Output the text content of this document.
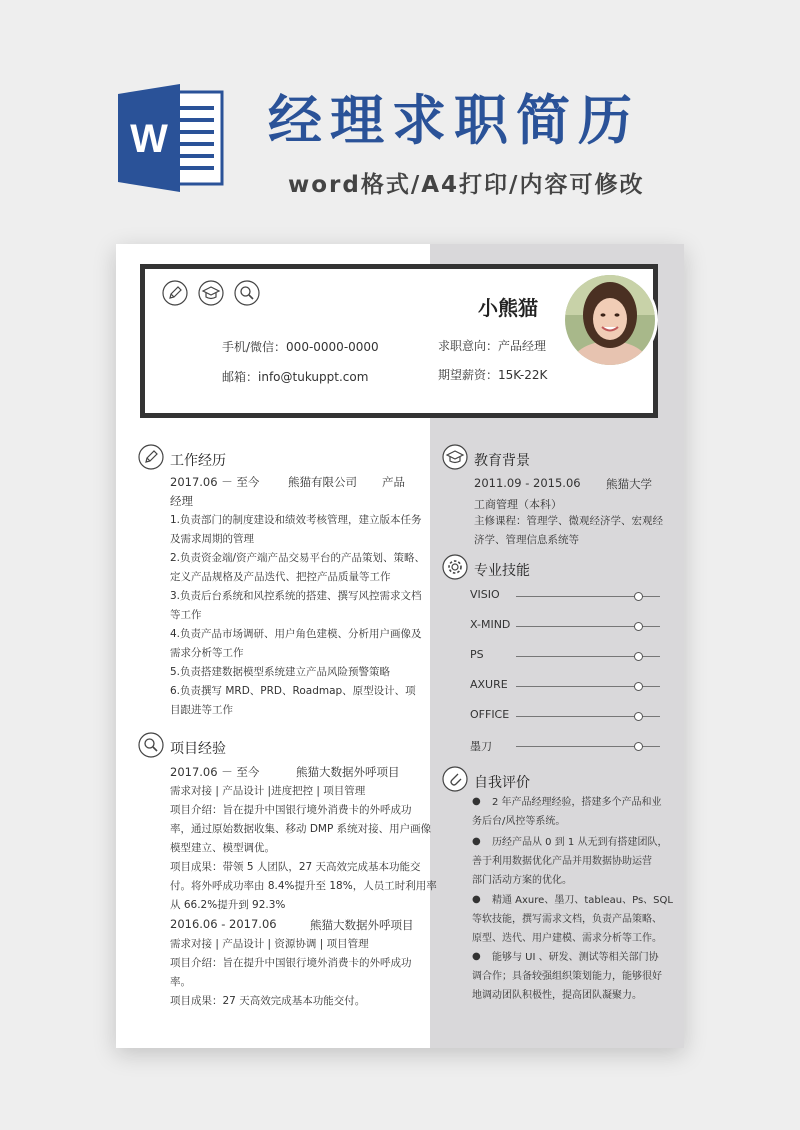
W 经理求职简历
word格式/A4打印/内容可修改
小熊猫
手机/微信：000-0000-0000
邮箱：info@tukuppt.com
求职意向：产品经理
期望薪资：15K-22K
工作经历
2017.06 － 至今 熊猫有限公司 产品
经理
1.负责部门的制度建设和绩效考核管理，建立版本任务
及需求周期的管理
2.负责资金端/资产端产品交易平台的产品策划、策略、
定义产品规格及产品迭代、把控产品质量等工作
3.负责后台系统和风控系统的搭建、撰写风控需求文档
等工作
4.负责产品市场调研、用户角色建模、分析用户画像及
需求分析等工作
5.负责搭建数据模型系统建立产品风险预警策略
6.负责撰写 MRD、PRD、Roadmap、原型设计、项
目跟进等工作
项目经验
2017.06 － 至今	熊猫大数据外呼项目
需求对接 | 产品设计 |进度把控 | 项目管理
项目介绍：旨在提升中国银行境外消费卡的外呼成功
率，通过原始数据收集、移动 DMP 系统对接、用户画像
模型建立、模型调优。
项目成果：带领 5 人团队，27 天高效完成基本功能交
付。将外呼成功率由 8.4%提升至 18%，人员工时利用率
从 66.2%提升到 92.3%
2016.06 - 2017.06	熊猫大数据外呼项目
需求对接 | 产品设计 | 资源协调 | 项目管理
项目介绍：旨在提升中国银行境外消费卡的外呼成功
率。
项目成果：27 天高效完成基本功能交付。
教育背景
2011.09 - 2015.06 熊猫大学
工商管理（本科）
主修课程：管理学、微观经济学、宏观经
济学、管理信息系统等
专业技能
VISIO
X-MIND
PS
AXURE
OFFICE
墨刀
自我评价
● 2 年产品经理经验，搭建多个产品和业
务后台/风控等系统。
● 历经产品从 0 到 1 从无到有搭建团队，
善于利用数据优化产品并用数据协助运营
部门活动方案的优化。
● 精通 Axure、墨刀、tableau、Ps、SQL
等软技能，撰写需求文档，负责产品策略、
原型、迭代、用户建模、需求分析等工作。
● 能够与 UI 、研发、测试等相关部门协
调合作；具备较强组织策划能力，能够很好
地调动团队积极性，提高团队凝聚力。
